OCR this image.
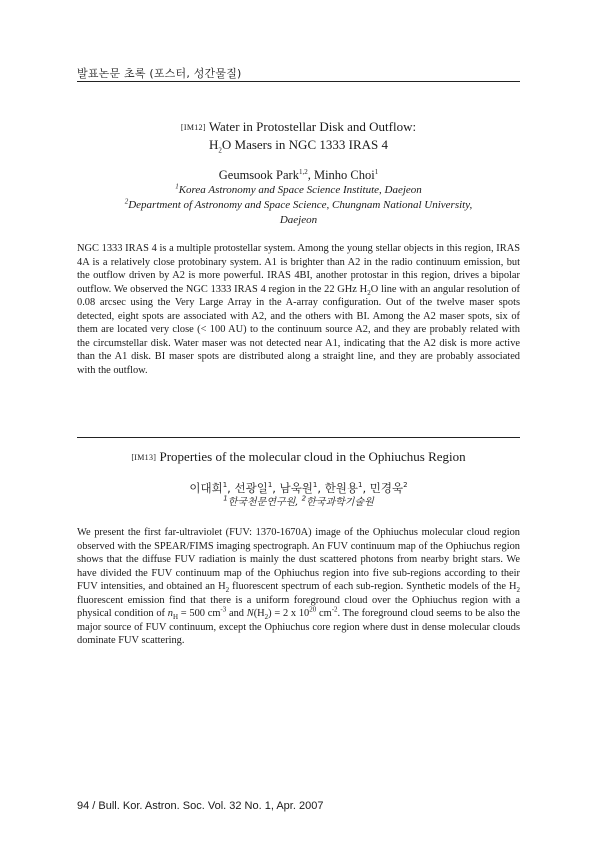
발표논문 초록 (포스터, 성간물질)
[IM12] Water in Protostellar Disk and Outflow:
$H_2O$ Masers in NGC 1333 IRAS 4
Geumsook Park$^{1,2}$, Minho Choi$^1$
$^1$Korea Astronomy and Space Science Institute, Daejeon
$^2$Department of Astronomy and Space Science, Chungnam National University,
Daejeon
NGC 1333 IRAS 4 is a multiple protostellar system. Among the young stellar objects in this region, IRAS 4A is a relatively close protobinary system. A1 is brighter than A2 in the radio continuum emission, but the outflow driven by A2 is more powerful. IRAS 4BI, another protostar in this region, drives a bipolar outflow. We observed the NGC 1333 IRAS 4 region in the 22 GHz $H_2O$ line with an angular resolution of 0.08 arcsec using the Very Large Array in the A-array configuration. Out of the twelve maser spots detected, eight spots are associated with A2, and the others with BI. Among the A2 maser spots, six of them are located very close (< 100 AU) to the continuum source A2, and they are probably related with the circumstellar disk. Water maser was not detected near A1, indicating that the A2 disk is more active than the A1 disk. BI maser spots are distributed along a straight line, and they are probably associated with the outflow.
[IM13] Properties of the molecular cloud in the Ophiuchus Region
이대희$^1$, 선광일$^1$, 남욱원$^1$, 한원용$^1$, 민경욱$^2$
$^1$한국천문연구원, $^2$한국과학기술원
We present the first far-ultraviolet (FUV: 1370-1670A) image of the Ophiuchus molecular cloud region observed with the SPEAR/FIMS imaging spectrograph. An FUV continuum map of the Ophiuchus region shows that the diffuse FUV radiation is mainly the dust scattered photons from nearby bright stars. We have divided the FUV continuum map of the Ophiuchus region into five sub-regions according to their FUV intensities, and obtained an $H_2$ fluorescent spectrum of each sub-region. Synthetic models of the $H_2$ fluorescent emission find that there is a uniform foreground cloud over the Ophiuchus region with a physical condition of $n_H = 500$ $cm^{-3}$ and $N(H_2) = 2$ x $10^{20}$ $cm^{-2}$. The foreground cloud seems to be also the major source of FUV continuum, except the Ophiuchus core region where dust in dense molecular clouds dominate FUV scattering.
94 / Bull. Kor. Astron. Soc. Vol. 32 No. 1, Apr. 2007
